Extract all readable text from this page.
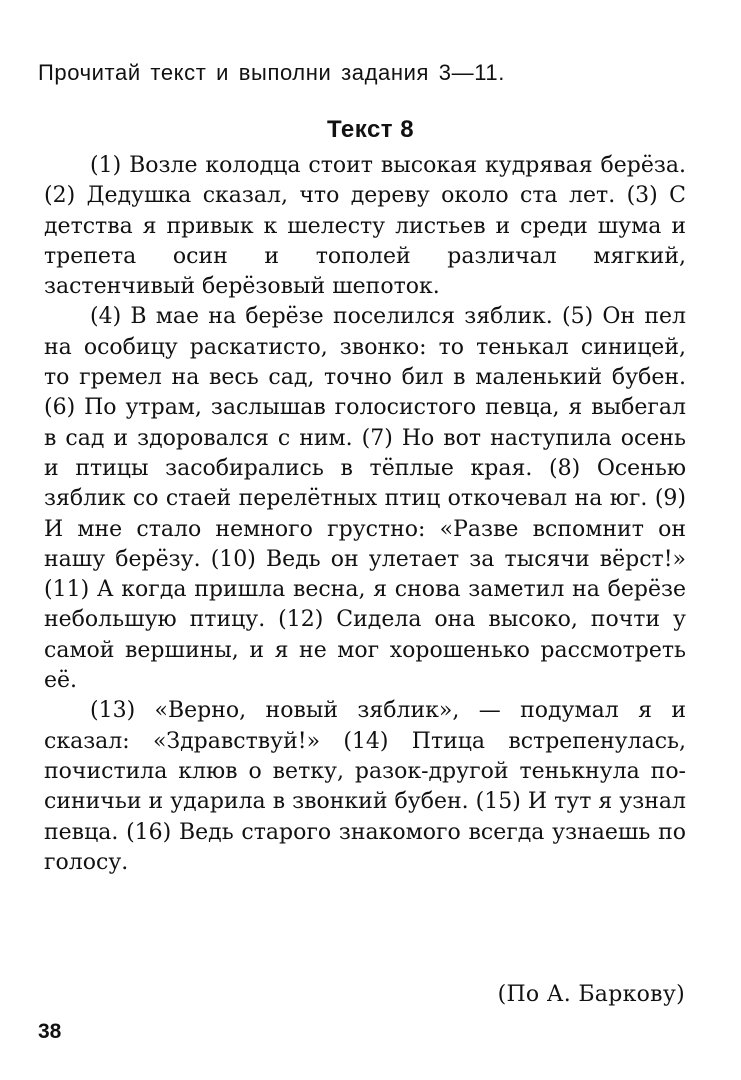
Прочитай текст и выполни задания 3—11.
Текст 8

(1) Возле колодца стоит высокая кудрявая берёза. (2) Дедушка сказал, что дереву около ста лет. (3) С детства я привык к шелесту листьев и среди шума и трепета осин и тополей различал мягкий, застенчивый берёзовый шепоток.

(4) В мае на берёзе поселился зяблик. (5) Он пел на особицу раскатисто, звонко: то тенькал синицей, то гремел на весь сад, точно бил в маленький бубен. (6) По утрам, заслышав голосистого певца, я выбегал в сад и здоровался с ним. (7) Но вот наступила осень и птицы засобирались в тёплые края. (8) Осенью зяблик со стаей перелётных птиц откочевал на юг. (9) И мне стало немного грустно: «Разве вспомнит он нашу берёзу. (10) Ведь он улетает за тысячи вёрст!» (11) А когда пришла весна, я снова заметил на берёзе небольшую птицу. (12) Сидела она высоко, почти у самой вершины, и я не мог хорошенько рассмотреть её.

(13) «Верно, новый зяблик», — подумал я и сказал: «Здравствуй!» (14) Птица встрепенулась, почистила клюв о ветку, разок-другой тенькнула по-синичьи и ударила в звонкий бубен. (15) И тут я узнал певца. (16) Ведь старого знакомого всегда узнаешь по голосу.

(По А. Баркову)
38
